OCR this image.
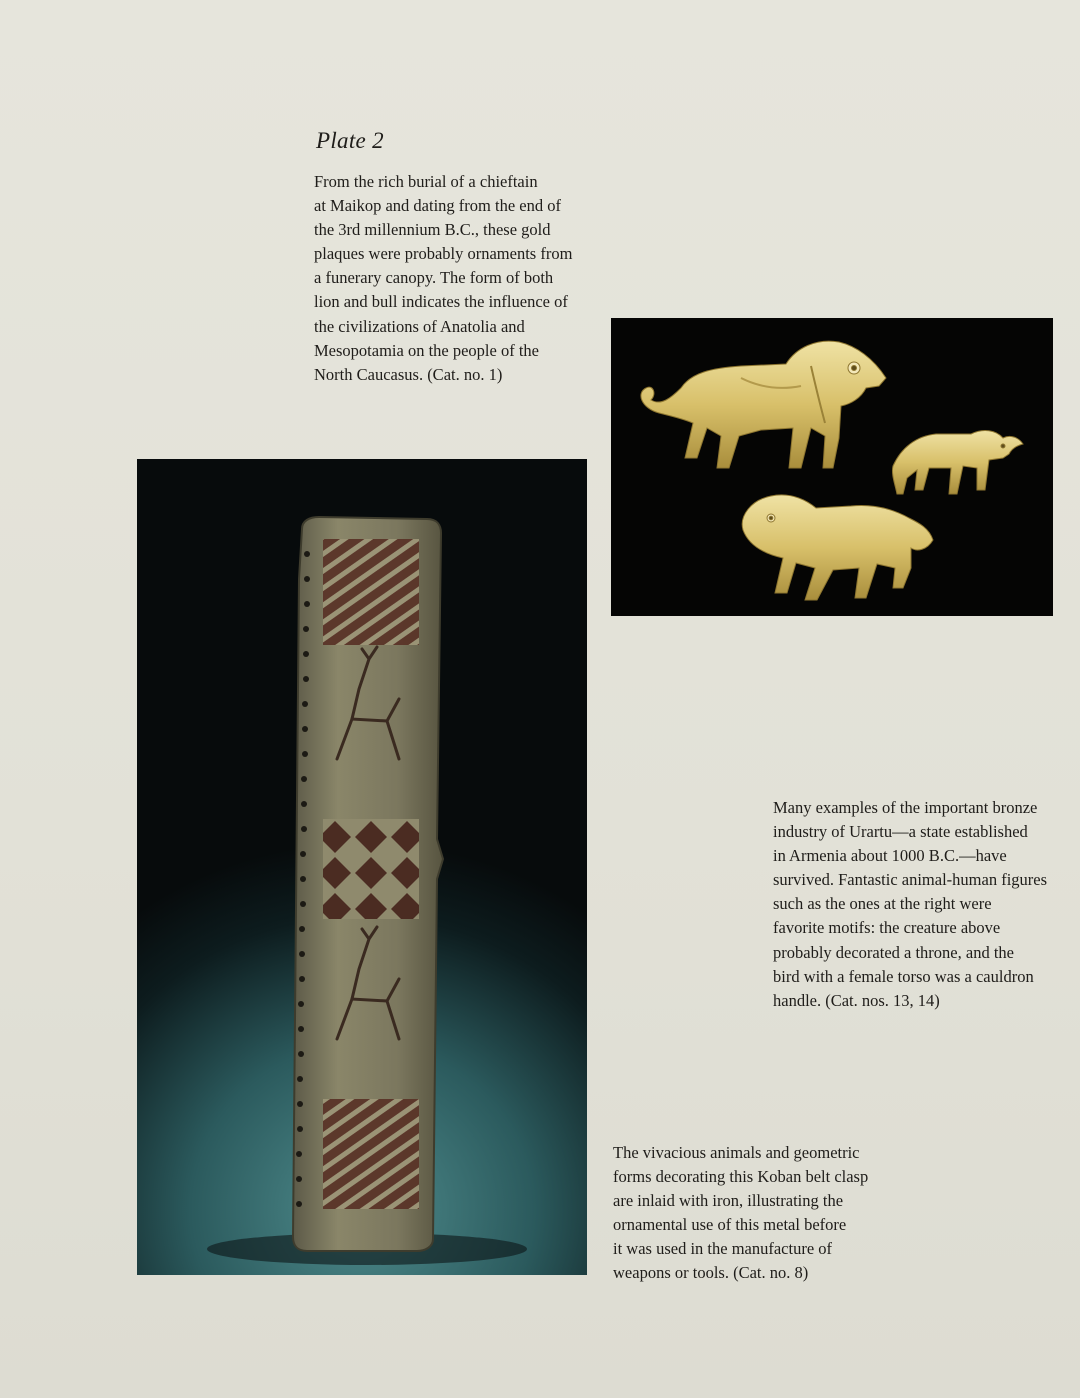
Plate 2

From the rich burial of a chieftain
at Maikop and dating from the end of
the 3rd millennium B.C., these gold
plaques were probably ornaments from
a funerary canopy. The form of both
lion and bull indicates the influence of
the civilizations of Anatolia and
Mesopotamia on the people of the
North Caucasus. (Cat. no. 1)

Many examples of the important bronze
industry of Urartu—a state established
in Armenia about 1000 B.C.—have
survived. Fantastic animal-human figures
such as the ones at the right were
favorite motifs: the creature above
probably decorated a throne, and the
bird with a female torso was a cauldron
handle. (Cat. nos. 13, 14)

The vivacious animals and geometric
forms decorating this Koban belt clasp
are inlaid with iron, illustrating the
ornamental use of this metal before
it was used in the manufacture of
weapons or tools. (Cat. no. 8)
